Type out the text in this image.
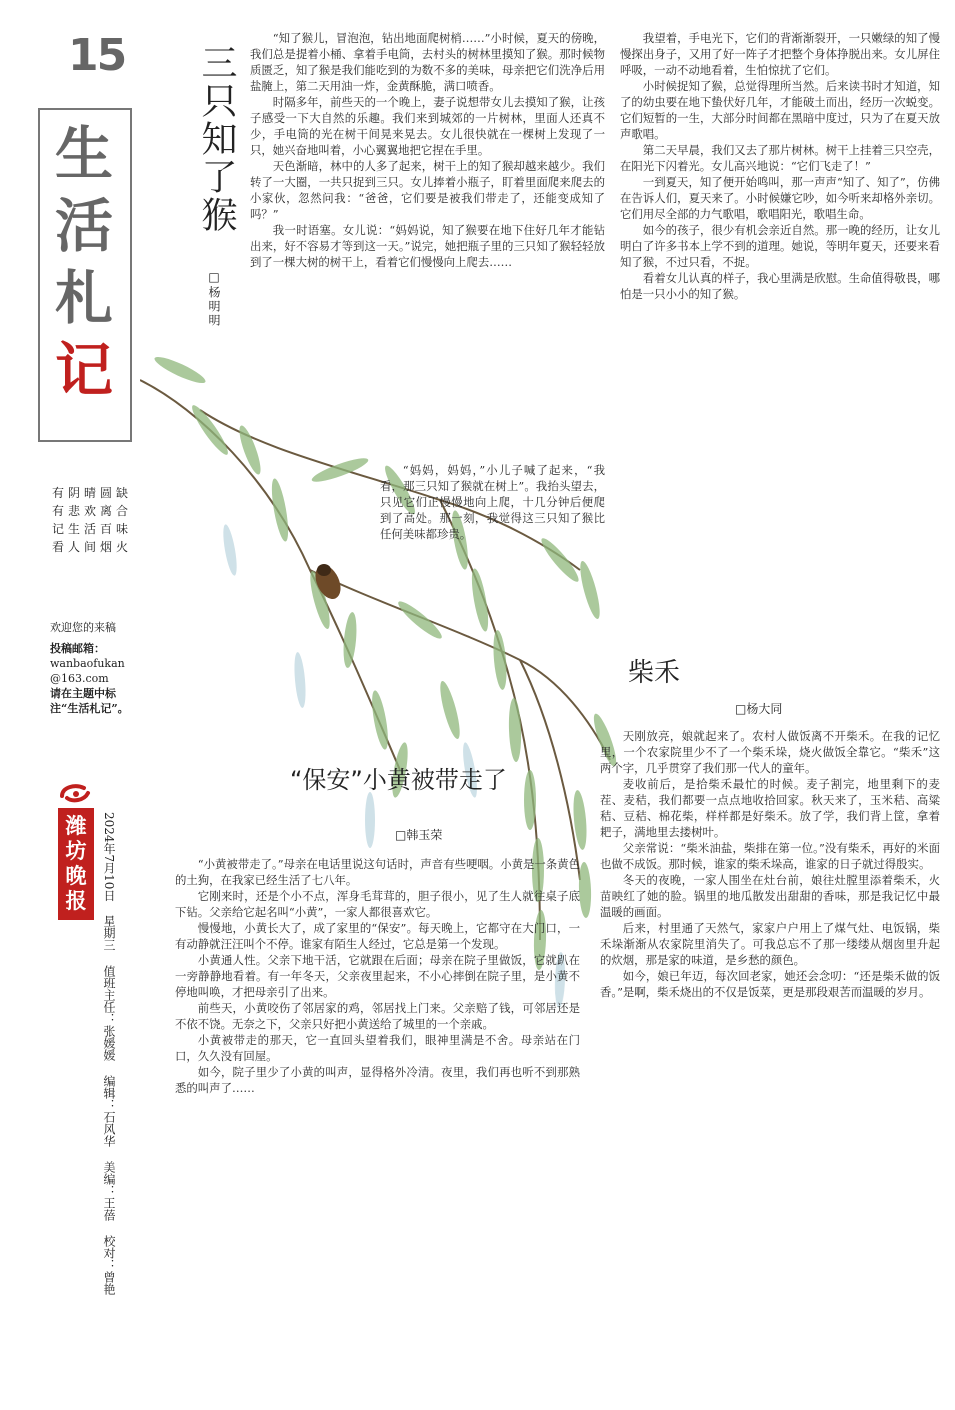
15
生
活
札
记
有阴晴圆缺
有悲欢离合
记生活百味
看人间烟火
欢迎您的来稿
投稿邮箱：
wanbaofukan@163.com
请在主题中标注“生活札记”。
潍坊晚报	2024年7月10日 星期三 值班主任：张媛媛 编辑：石风华 美编：王蓓 校对：曾艳
三只知了猴
□杨明明

“知了猴儿，冒泡泡，钻出地面爬树梢……”小时候，夏天的傍晚，我们总是提着小桶、拿着手电筒，去村头的树林里摸知了猴。那时候物质匮乏，知了猴是我们能吃到的为数不多的美味，母亲把它们洗净后用盐腌上，第二天用油一炸，金黄酥脆，满口喷香。

时隔多年，前些天的一个晚上，妻子说想带女儿去摸知了猴，让孩子感受一下大自然的乐趣。我们来到城郊的一片树林，里面人还真不少，手电筒的光在树干间晃来晃去。女儿很快就在一棵树上发现了一只，她兴奋地叫着，小心翼翼地把它捏在手里。

天色渐暗，林中的人多了起来，树干上的知了猴却越来越少。我们转了一大圈，一共只捉到三只。女儿捧着小瓶子，盯着里面爬来爬去的小家伙，忽然问我：“爸爸，它们要是被我们带走了，还能变成知了吗？”

我一时语塞。女儿说：“妈妈说，知了猴要在地下住好几年才能钻出来，好不容易才等到这一天。”说完，她把瓶子里的三只知了猴轻轻放到了一棵大树的树干上，看着它们慢慢向上爬去……

“妈妈，妈妈，”小儿子喊了起来，“我看，那三只知了猴就在树上”。我抬头望去，只见它们正慢慢地向上爬，十几分钟后便爬到了高处。那一刻，我觉得这三只知了猴比任何美味都珍贵。

我望着，手电光下，它们的背渐渐裂开，一只嫩绿的知了慢慢探出身子，又用了好一阵子才把整个身体挣脱出来。女儿屏住呼吸，一动不动地看着，生怕惊扰了它们。

小时候捉知了猴，总觉得理所当然。后来读书时才知道，知了的幼虫要在地下蛰伏好几年，才能破土而出，经历一次蜕变。它们短暂的一生，大部分时间都在黑暗中度过，只为了在夏天放声歌唱。

第二天早晨，我们又去了那片树林。树干上挂着三只空壳，在阳光下闪着光。女儿高兴地说：“它们飞走了！”

一到夏天，知了便开始鸣叫，那一声声“知了、知了”，仿佛在告诉人们，夏天来了。小时候嫌它吵，如今听来却格外亲切。它们用尽全部的力气歌唱，歌唱阳光，歌唱生命。

如今的孩子，很少有机会亲近自然。那一晚的经历，让女儿明白了许多书本上学不到的道理。她说，等明年夏天，还要来看知了猴，不过只看，不捉。

看着女儿认真的样子，我心里满是欣慰。生命值得敬畏，哪怕是一只小小的知了猴。

柴禾
□杨大同

天刚放亮，娘就起来了。农村人做饭离不开柴禾。在我的记忆里，一个农家院里少不了一个柴禾垛，烧火做饭全靠它。“柴禾”这两个字，几乎贯穿了我们那一代人的童年。

麦收前后，是拾柴禾最忙的时候。麦子割完，地里剩下的麦茬、麦秸，我们都要一点点地收拾回家。秋天来了，玉米秸、高粱秸、豆秸、棉花柴，样样都是好柴禾。放了学，我们背上筐，拿着耙子，满地里去搂树叶。

父亲常说：“柴米油盐，柴排在第一位。”没有柴禾，再好的米面也做不成饭。那时候，谁家的柴禾垛高，谁家的日子就过得殷实。

冬天的夜晚，一家人围坐在灶台前，娘往灶膛里添着柴禾，火苗映红了她的脸。锅里的地瓜散发出甜甜的香味，那是我记忆中最温暖的画面。

后来，村里通了天然气，家家户户用上了煤气灶、电饭锅，柴禾垛渐渐从农家院里消失了。可我总忘不了那一缕缕从烟囱里升起的炊烟，那是家的味道，是乡愁的颜色。

如今，娘已年迈，每次回老家，她还会念叨：“还是柴禾做的饭香。”是啊，柴禾烧出的不仅是饭菜，更是那段艰苦而温暖的岁月。

“保安”小黄被带走了
□韩玉荣

“小黄被带走了。”母亲在电话里说这句话时，声音有些哽咽。小黄是一条黄色的土狗，在我家已经生活了七八年。

它刚来时，还是个小不点，浑身毛茸茸的，胆子很小，见了生人就往桌子底下钻。父亲给它起名叫“小黄”，一家人都很喜欢它。

慢慢地，小黄长大了，成了家里的“保安”。每天晚上，它都守在大门口，一有动静就汪汪叫个不停。谁家有陌生人经过，它总是第一个发现。

小黄通人性。父亲下地干活，它就跟在后面；母亲在院子里做饭，它就趴在一旁静静地看着。有一年冬天，父亲夜里起来，不小心摔倒在院子里，是小黄不停地叫唤，才把母亲引了出来。

前些天，小黄咬伤了邻居家的鸡，邻居找上门来。父亲赔了钱，可邻居还是不依不饶。无奈之下，父亲只好把小黄送给了城里的一个亲戚。

小黄被带走的那天，它一直回头望着我们，眼神里满是不舍。母亲站在门口，久久没有回屋。

如今，院子里少了小黄的叫声，显得格外冷清。夜里，我们再也听不到那熟悉的叫声了……
